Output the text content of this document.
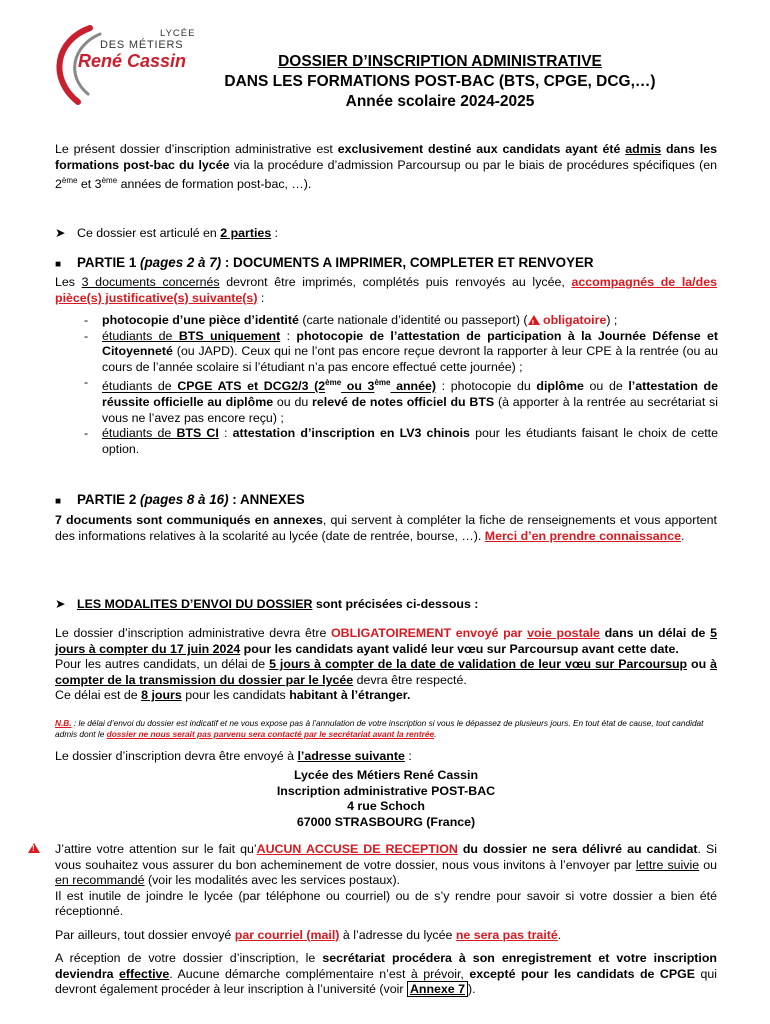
LYCÉE
DES MÉTIERS
René Cassin	DOSSIER D’INSCRIPTION ADMINISTRATIVE
DANS LES FORMATIONS POST-BAC (BTS, CPGE, DCG,…)
Année scolaire 2024-2025
Le présent dossier d’inscription administrative est exclusivement destiné aux candidats ayant été admis dans les formations post-bac du lycée via la procédure d’admission Parcoursup ou par le biais de procédures spécifiques (en 2ème et 3ème années de formation post-bac, …).
➤ Ce dossier est articulé en 2 parties :
■ PARTIE 1 (pages 2 à 7) : DOCUMENTS A IMPRIMER, COMPLETER ET RENVOYER
Les 3 documents concernés devront être imprimés, complétés puis renvoyés au lycée, accompagnés de la/des pièce(s) justificative(s) suivante(s) :
- photocopie d’une pièce d’identité (carte nationale d’identité ou passeport) (! obligatoire) ;
- étudiants de BTS uniquement : photocopie de l’attestation de participation à la Journée Défense et Citoyenneté (ou JAPD). Ceux qui ne l’ont pas encore reçue devront la rapporter à leur CPE à la rentrée (ou au cours de l’année scolaire si l’étudiant n’a pas encore effectué cette journée) ;
- étudiants de CPGE ATS et DCG2/3 (2ème ou 3ème année) : photocopie du diplôme ou de l’attestation de réussite officielle au diplôme ou du relevé de notes officiel du BTS (à apporter à la rentrée au secrétariat si vous ne l’avez pas encore reçu) ;
- étudiants de BTS CI : attestation d’inscription en LV3 chinois pour les étudiants faisant le choix de cette option.
■ PARTIE 2 (pages 8 à 16) : ANNEXES
7 documents sont communiqués en annexes, qui servent à compléter la fiche de renseignements et vous apportent des informations relatives à la scolarité au lycée (date de rentrée, bourse, …). Merci d’en prendre connaissance.
➤ LES MODALITES D’ENVOI DU DOSSIER sont précisées ci-dessous :
Le dossier d’inscription administrative devra être OBLIGATOIREMENT envoyé par voie postale dans un délai de 5 jours à compter du 17 juin 2024 pour les candidats ayant validé leur vœu sur Parcoursup avant cette date.
Pour les autres candidats, un délai de 5 jours à compter de la date de validation de leur vœu sur Parcoursup ou à compter de la transmission du dossier par le lycée devra être respecté.
Ce délai est de 8 jours pour les candidats habitant à l’étranger.
N.B. : le délai d’envoi du dossier est indicatif et ne vous expose pas à l’annulation de votre inscription si vous le dépassez de plusieurs jours. En tout état de cause, tout candidat admis dont le dossier ne nous serait pas parvenu sera contacté par le secrétariat avant la rentrée.
Le dossier d’inscription devra être envoyé à l’adresse suivante :
Lycée des Métiers René Cassin
Inscription administrative POST-BAC
4 rue Schoch
67000 STRASBOURG (France)
!
J’attire votre attention sur le fait qu’AUCUN ACCUSE DE RECEPTION du dossier ne sera délivré au candidat. Si vous souhaitez vous assurer du bon acheminement de votre dossier, nous vous invitons à l’envoyer par lettre suivie ou en recommandé (voir les modalités avec les services postaux).
Il est inutile de joindre le lycée (par téléphone ou courriel) ou de s’y rendre pour savoir si votre dossier a bien été réceptionné.
Par ailleurs, tout dossier envoyé par courriel (mail) à l’adresse du lycée ne sera pas traité.
A réception de votre dossier d’inscription, le secrétariat procédera à son enregistrement et votre inscription deviendra effective. Aucune démarche complémentaire n’est à prévoir, excepté pour les candidats de CPGE qui devront également procéder à leur inscription à l’université (voir Annexe 7 ).
